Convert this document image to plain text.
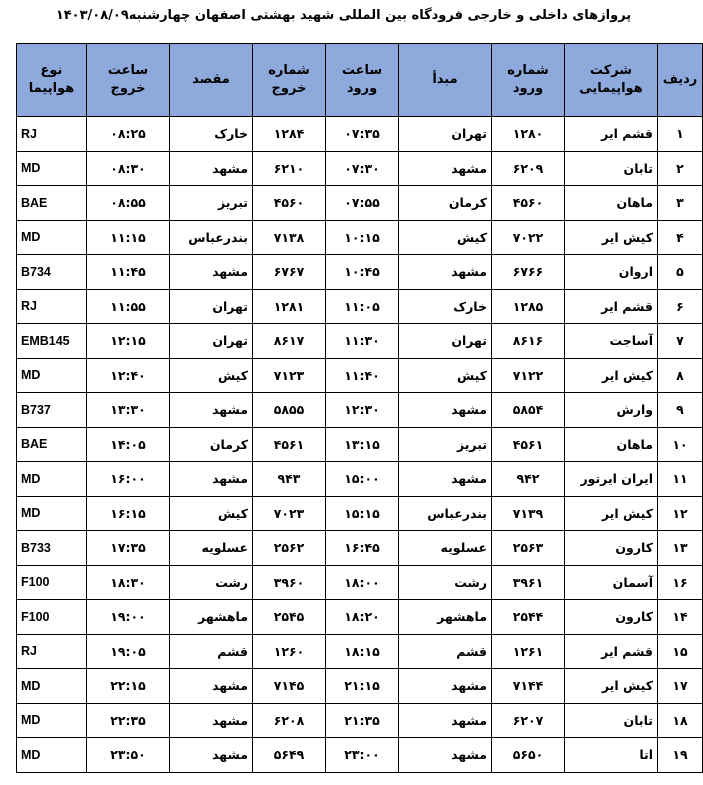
پروازهای داخلی و خارجی فرودگاه بین المللی شهید بهشتی اصفهان چهارشنبه۱۴۰۳/۰۸/۰۹
ردیف	شرکت هواپیمایی	شماره ورود	مبدأ	ساعت ورود	شماره خروج	مقصد	ساعت خروج	نوع هواپیما
۱	قشم ایر	۱۲۸۰	تهران	۰۷:۳۵	۱۲۸۴	خارک	۰۸:۲۵	RJ
۲	تابان	۶۲۰۹	مشهد	۰۷:۳۰	۶۲۱۰	مشهد	۰۸:۳۰	MD
۳	ماهان	۴۵۶۰	کرمان	۰۷:۵۵	۴۵۶۰	تبریز	۰۸:۵۵	BAE
۴	کیش ایر	۷۰۲۲	کیش	۱۰:۱۵	۷۱۳۸	بندرعباس	۱۱:۱۵	MD
۵	اروان	۶۷۶۶	مشهد	۱۰:۴۵	۶۷۶۷	مشهد	۱۱:۴۵	B734
۶	قشم ایر	۱۲۸۵	خارک	۱۱:۰۵	۱۲۸۱	تهران	۱۱:۵۵	RJ
۷	آساجت	۸۶۱۶	تهران	۱۱:۳۰	۸۶۱۷	تهران	۱۲:۱۵	EMB145
۸	کیش ایر	۷۱۲۲	کیش	۱۱:۴۰	۷۱۲۳	کیش	۱۲:۴۰	MD
۹	وارش	۵۸۵۴	مشهد	۱۲:۳۰	۵۸۵۵	مشهد	۱۳:۳۰	B737
۱۰	ماهان	۴۵۶۱	تبریز	۱۳:۱۵	۴۵۶۱	کرمان	۱۴:۰۵	BAE
۱۱	ایران ایرتور	۹۴۲	مشهد	۱۵:۰۰	۹۴۳	مشهد	۱۶:۰۰	MD
۱۲	کیش ایر	۷۱۳۹	بندرعباس	۱۵:۱۵	۷۰۲۳	کیش	۱۶:۱۵	MD
۱۳	کارون	۲۵۶۳	عسلویه	۱۶:۴۵	۲۵۶۲	عسلویه	۱۷:۳۵	B733
۱۶	آسمان	۳۹۶۱	رشت	۱۸:۰۰	۳۹۶۰	رشت	۱۸:۳۰	F100
۱۴	کارون	۲۵۴۴	ماهشهر	۱۸:۲۰	۲۵۴۵	ماهشهر	۱۹:۰۰	F100
۱۵	قشم ایر	۱۲۶۱	قشم	۱۸:۱۵	۱۲۶۰	قشم	۱۹:۰۵	RJ
۱۷	کیش ایر	۷۱۴۴	مشهد	۲۱:۱۵	۷۱۴۵	مشهد	۲۲:۱۵	MD
۱۸	تابان	۶۲۰۷	مشهد	۲۱:۳۵	۶۲۰۸	مشهد	۲۲:۳۵	MD
۱۹	اتا	۵۶۵۰	مشهد	۲۳:۰۰	۵۶۴۹	مشهد	۲۳:۵۰	MD
